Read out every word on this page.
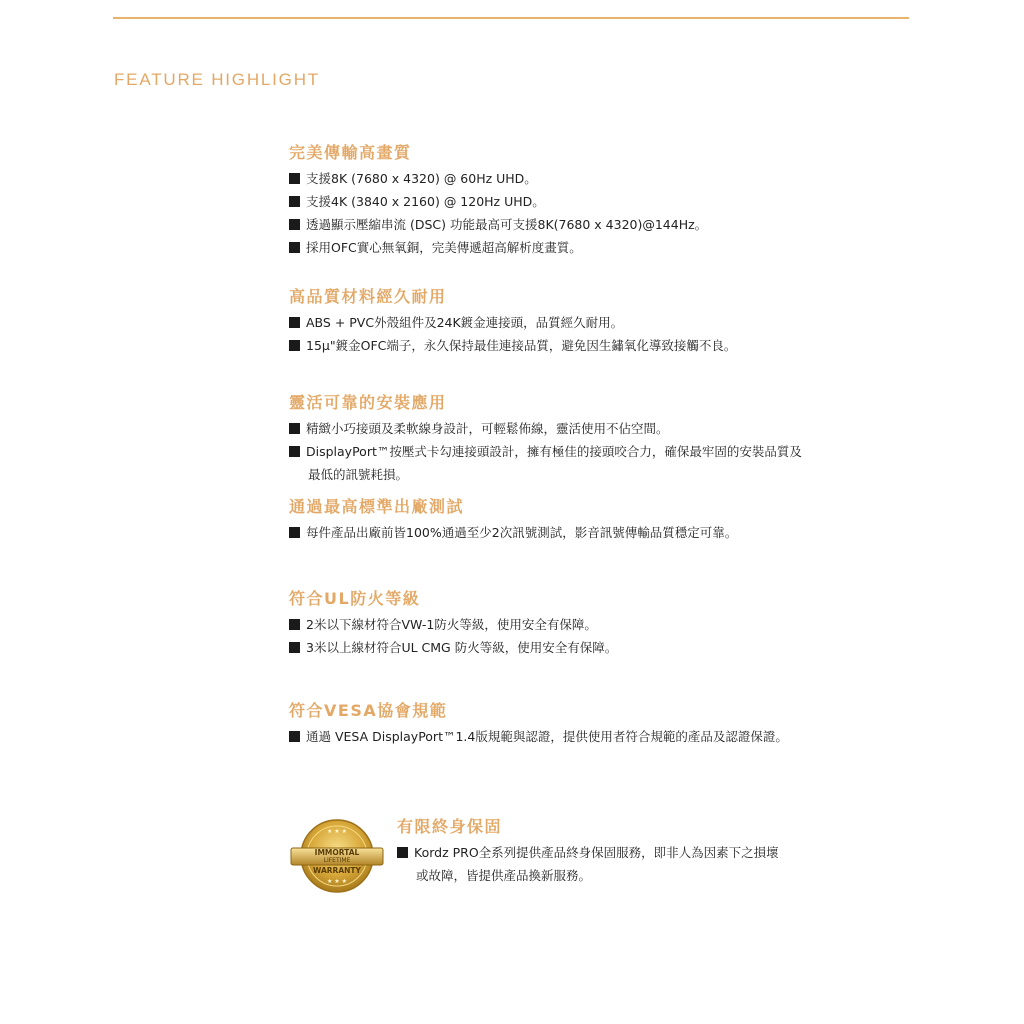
FEATURE HIGHLIGHT
完美傳輸高畫質
支援8K (7680 x 4320) @ 60Hz UHD。
支援4K (3840 x 2160) @ 120Hz UHD。
透過顯示壓縮串流 (DSC) 功能最高可支援8K(7680 x 4320)@144Hz。
採用OFC實心無氧銅，完美傳遞超高解析度畫質。
高品質材料經久耐用
ABS + PVC外殼組件及24K鍍金連接頭，品質經久耐用。
15μ"鍍金OFC端子，永久保持最佳連接品質，避免因生鏽氧化導致接觸不良。
靈活可靠的安裝應用
精緻小巧接頭及柔軟線身設計，可輕鬆佈線，靈活使用不佔空間。
DisplayPort™按壓式卡勾連接頭設計，擁有極佳的接頭咬合力，確保最牢固的安裝品質及
最低的訊號耗損。
通過最高標準出廠測試
每件產品出廠前皆100%通過至少2次訊號測試，影音訊號傳輸品質穩定可靠。
符合UL防火等級
2米以下線材符合VW-1防火等級，使用安全有保障。
3米以上線材符合UL CMG 防火等級，使用安全有保障。
符合VESA協會規範
通過 VESA DisplayPort™1.4版規範與認證，提供使用者符合規範的產品及認證保證。
★ ★ ★
★ ★ ★
IMMORTAL
LIFETIME
WARRANTY
有限終身保固
Kordz PRO全系列提供產品終身保固服務，即非人為因素下之損壞
或故障，皆提供產品換新服務。
